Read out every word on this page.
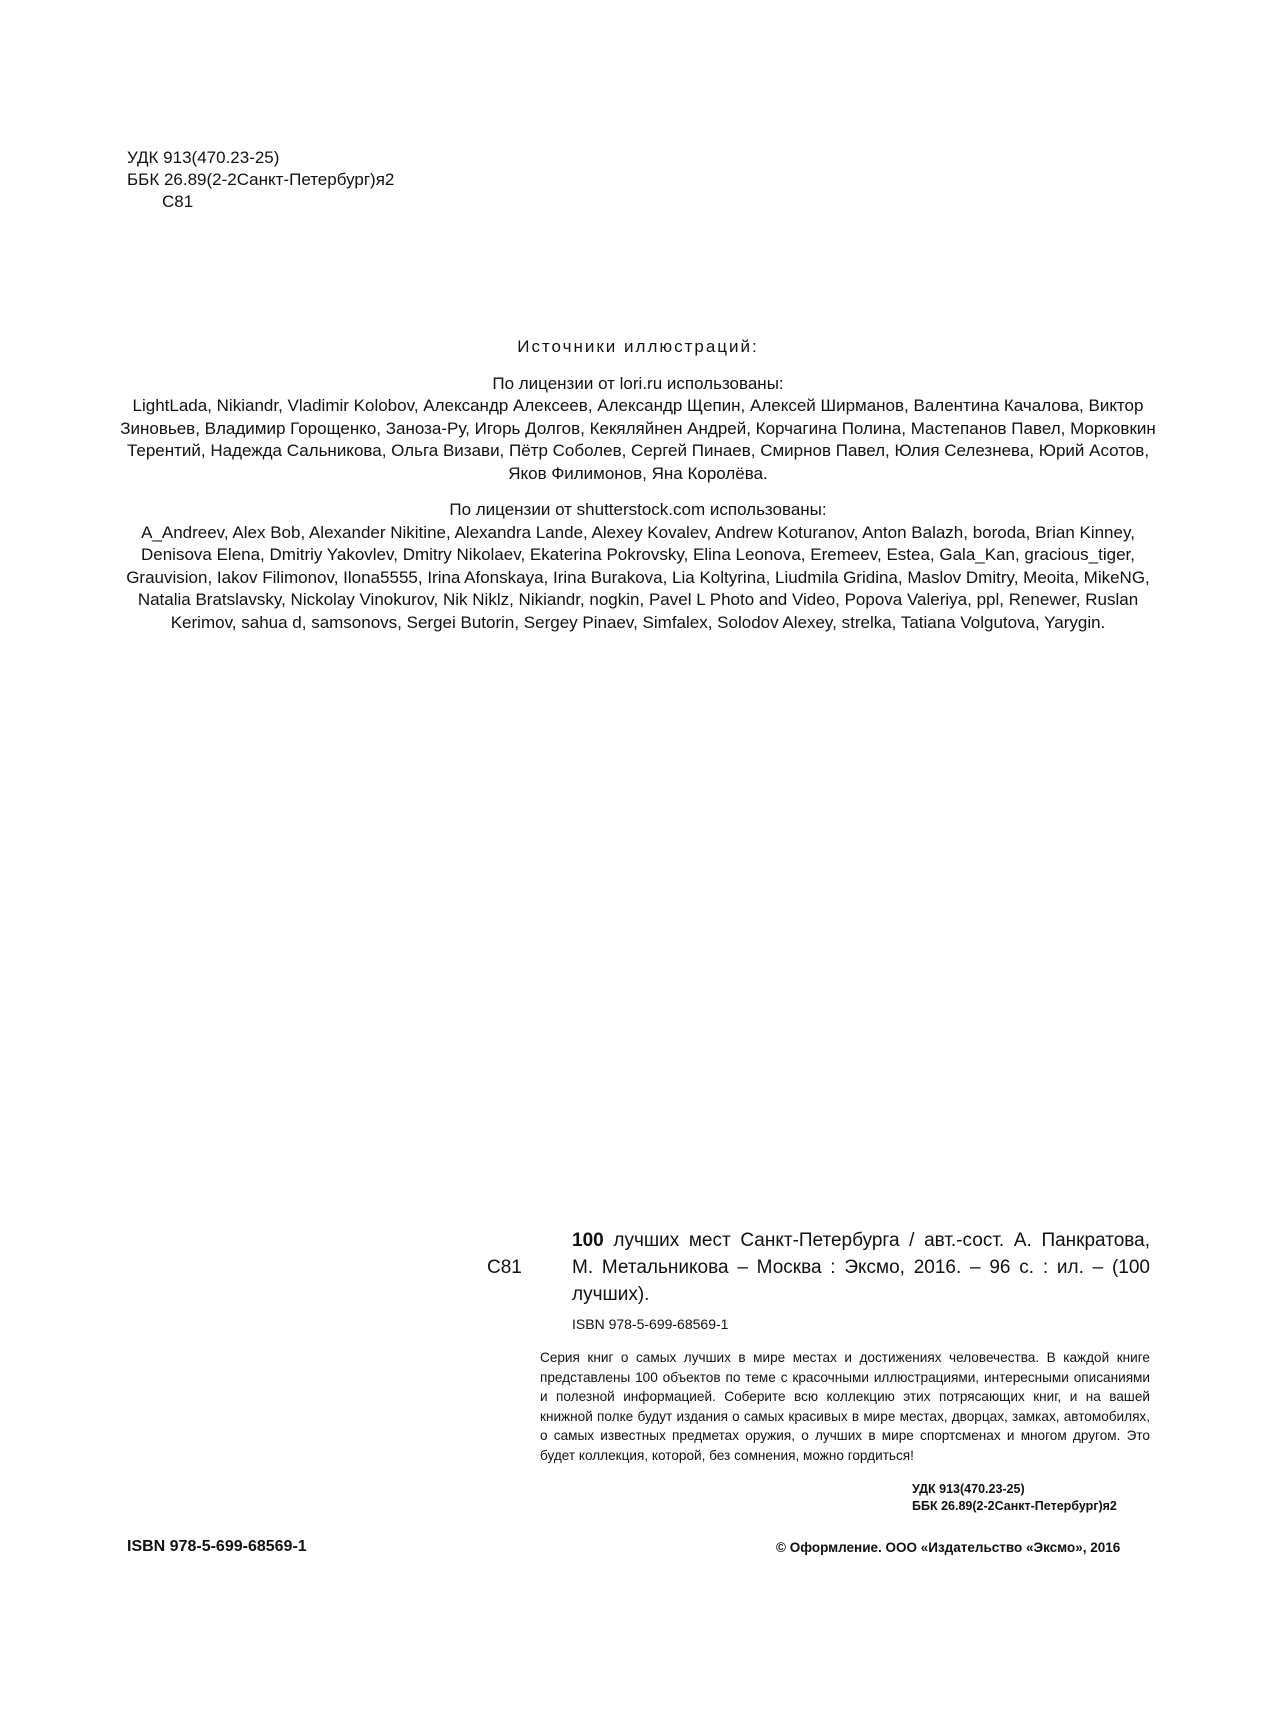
УДК 913(470.23-25)
ББК 26.89(2-2Санкт-Петербург)я2
С81
Источники иллюстраций:

По лицензии от lori.ru использованы:

LightLada, Nikiandr, Vladimir Kolobov, Александр Алексеев, Александр Щепин, Алексей Ширманов, Валентина Качалова, Виктор Зиновьев, Владимир Горощенко, Заноза-Ру, Игорь Долгов, Кекяляйнен Андрей, Корчагина Полина, Мастепанов Павел, Морковкин Терентий, Надежда Сальникова, Ольга Визави, Пётр Соболев, Сергей Пинаев, Смирнов Павел, Юлия Селезнева, Юрий Асотов, Яков Филимонов, Яна Королёва.

По лицензии от shutterstock.com использованы:

A_Andreev, Alex Bob, Alexander Nikitine, Alexandra Lande, Alexey Kovalev, Andrew Koturanov, Anton Balazh, boroda, Brian Kinney, Denisova Elena, Dmitriy Yakovlev, Dmitry Nikolaev, Ekaterina Pokrovsky, Elina Leonova, Eremeev, Estea, Gala_Kan, gracious_tiger, Grauvision, Iakov Filimonov, Ilona5555, Irina Afonskaya, Irina Burakova, Lia Koltyrina, Liudmila Gridina, Maslov Dmitry, Meoita, MikeNG, Natalia Bratslavsky, Nickolay Vinokurov, Nik Niklz, Nikiandr, nogkin, Pavel L Photo and Video, Popova Valeriya, ppl, Renewer, Ruslan Kerimov, sahua d, samsonovs, Sergei Butorin, Sergey Pinaev, Simfalex, Solodov Alexey, strelka, Tatiana Volgutova, Yarygin.

С81
100 лучших мест Санкт-Петербурга / авт.-сост. А. Панкратова,
М. Метальникова – Москва : Эксмо, 2016. – 96 с. : ил. – (100 лучших).
ISBN 978-5-699-68569-1
Серия книг о самых лучших в мире местах и достижениях человечества. В каждой книге представлены 100 объектов по теме с красочными иллюстрациями, интересными описаниями и полезной информацией. Соберите всю коллекцию этих потрясающих книг, и на вашей книжной полке будут издания о самых красивых в мире местах, дворцах, замках, автомобилях, о самых известных предметах оружия, о лучших в мире спортсменах и многом другом. Это будет коллекция, которой, без сомнения, можно гордиться!
УДК 913(470.23-25)
ББК 26.89(2-2Санкт-Петербург)я2
ISBN 978-5-699-68569-1	© Оформление. ООО «Издательство «Эксмо», 2016
